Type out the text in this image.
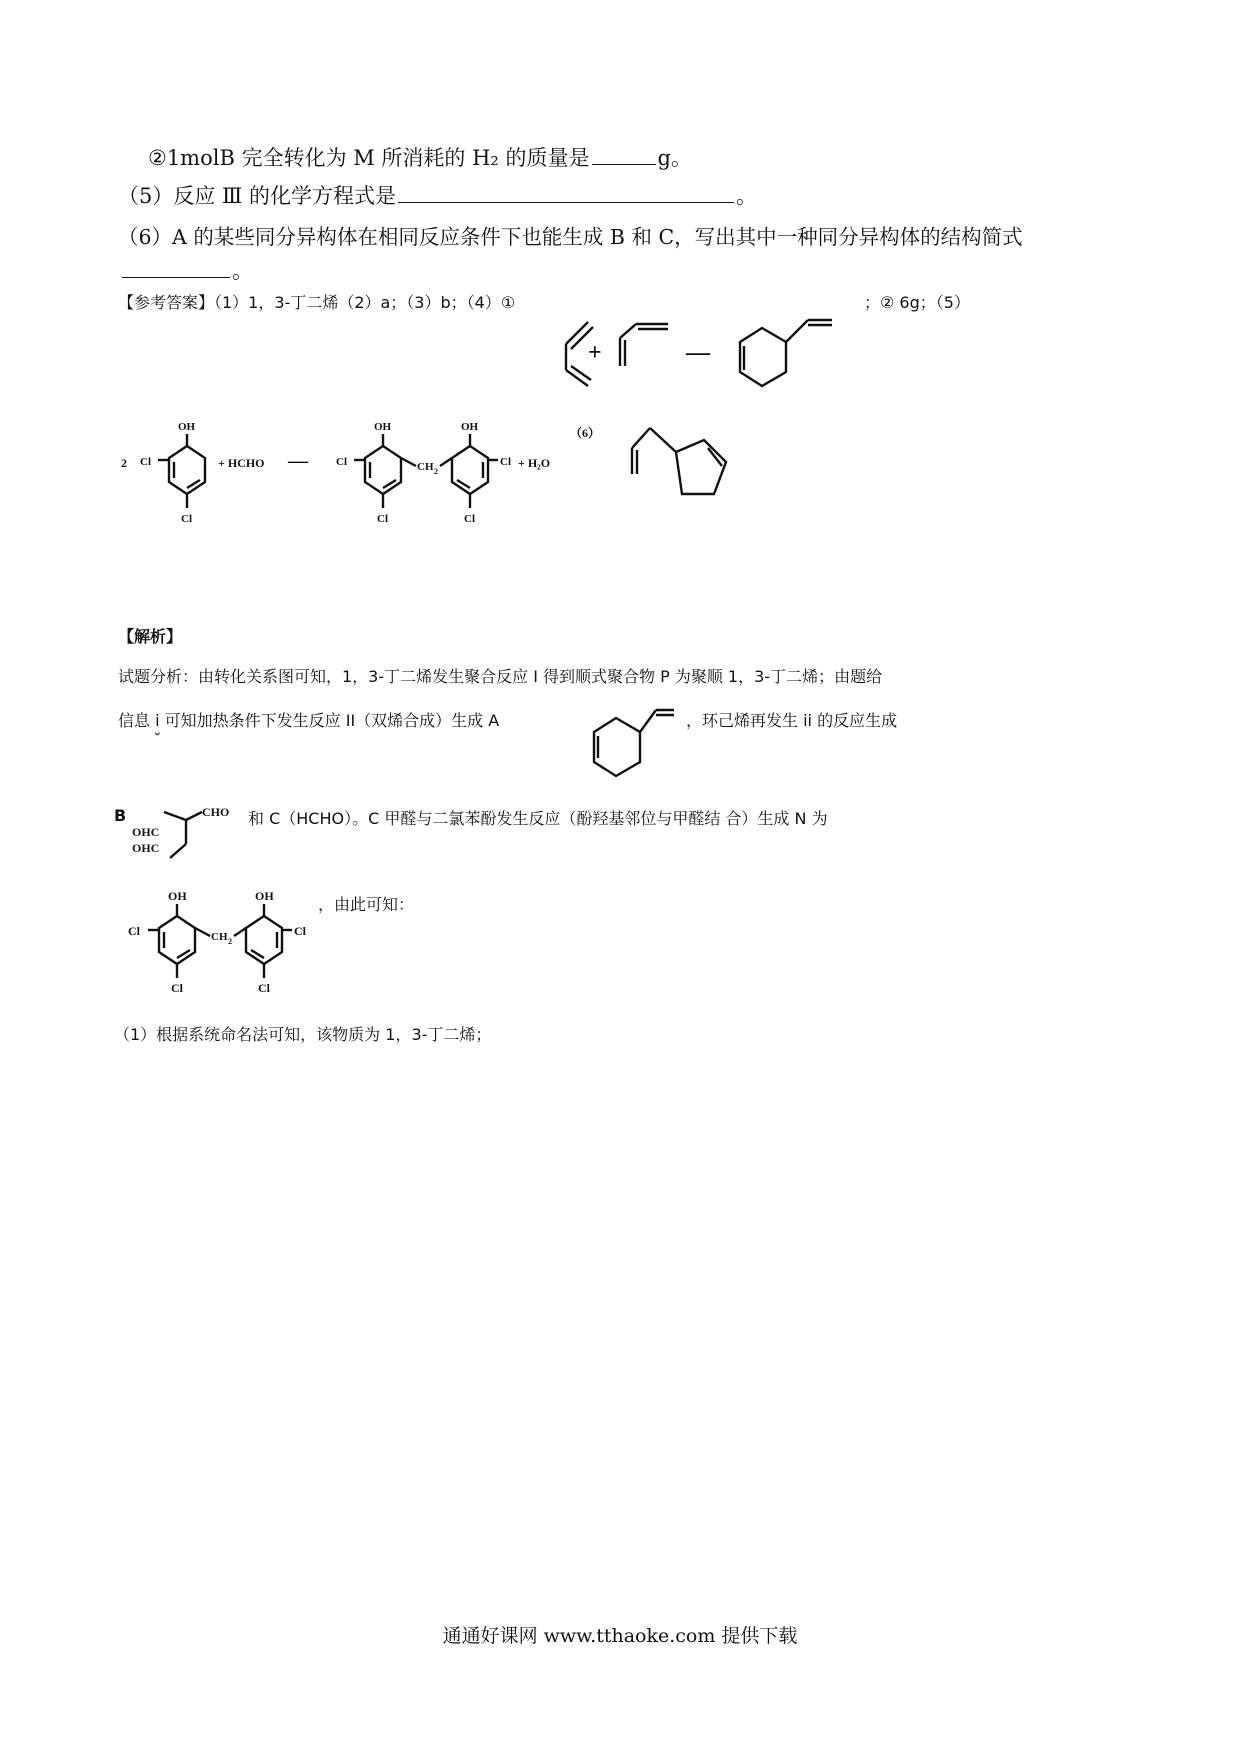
②1molB 完全转化为 M 所消耗的 H₂ 的质量是	g。
（5）反应 Ⅲ 的化学方程式是	。
（6）A 的某些同分异构体在相同反应条件下也能生成 B 和 C，写出其中一种同分异构体的结构简式
。
【参考答案】（1）1，3-丁二烯（2）a；（3）b；（4）①	；② 6g；（5）
+	—
2
OH
Cl
Cl
+ HCHO —
OH
Cl
Cl
CH 2
OH
Cl
Cl
+ H₂O
（6）
【解析】
试题分析：由转化关系图可知，1，3-丁二烯发生聚合反应 I 得到顺式聚合物 P 为聚顺 1，3-丁二烯；由题给
信息 i 可知加热条件下发生反应 II（双烯合成）生成 A	，环己烯再发生 ii 的反应生成
B	CHO
OHC
OHC
和 C（HCHO）。C 甲醛与二氯苯酚发生反应（酚羟基邻位与甲醛结 合）生成 N 为
OH
Cl
Cl
CH 2
OH
Cl
Cl
，由此可知：
（1）根据系统命名法可知，该物质为 1，3-丁二烯；
通通好课网 www.tthaoke.com 提供下载
